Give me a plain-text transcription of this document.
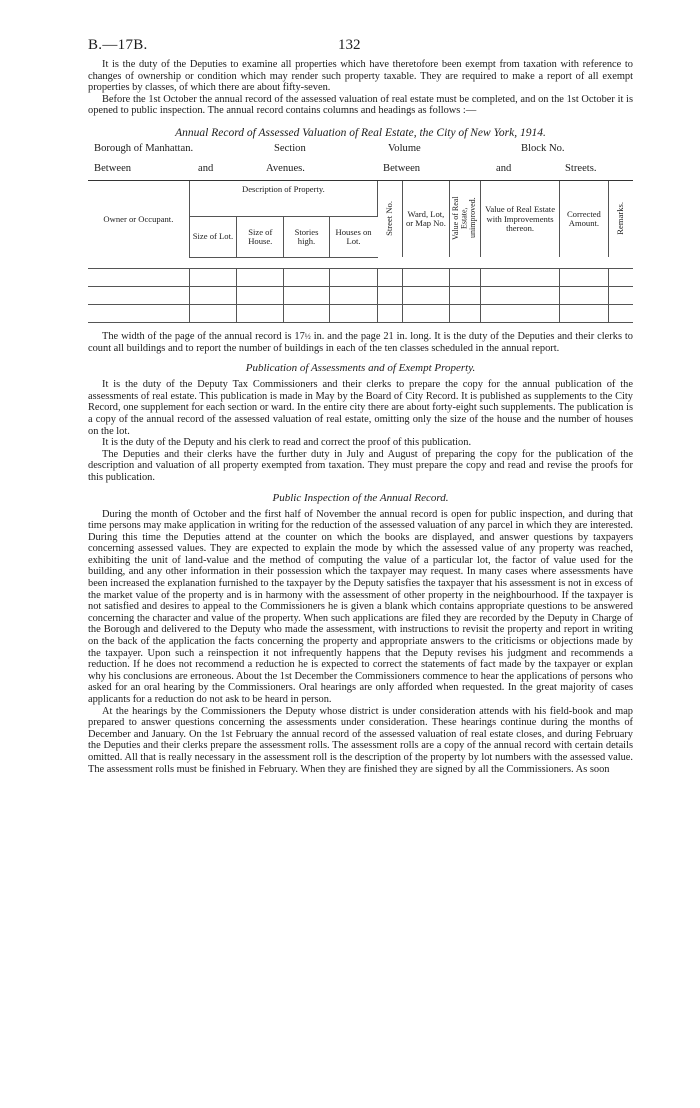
B.—17B.	132

It is the duty of the Deputies to examine all properties which have theretofore been exempt from taxation with reference to changes of ownership or condition which may render such property taxable. They are required to make a report of all exempt properties by classes, of which there are about fifty-seven.

Before the 1st October the annual record of the assessed valuation of real estate must be completed, and on the 1st October it is opened to public inspection. The annual record contains columns and headings as follows :—

Annual Record of Assessed Valuation of Real Estate, the City of New York, 1914.
Borough of Manhattan.	Section	Volume	Block No.
Between	and	Avenues.	Between	and	Streets.
Owner or Occupant.	Description of Property.				Street No.	Ward, Lot, or Map No.	Value of Real Estate, unimproved.	Value of Real Estate with Improvements thereon.	Corrected Amount.	Remarks.
	Size of Lot.	Size of House.	Stories high.	Houses on Lot.						

The width of the page of the annual record is 17½ in. and the page 21 in. long. It is the duty of the Deputies and their clerks to count all buildings and to report the number of buildings in each of the ten classes scheduled in the annual report.

Publication of Assessments and of Exempt Property.

It is the duty of the Deputy Tax Commissioners and their clerks to prepare the copy for the annual publication of the assessments of real estate. This publication is made in May by the Board of City Record. It is published as supplements to the City Record, one supplement for each section or ward. In the entire city there are about forty-eight such supplements. The publication is a copy of the annual record of the assessed valuation of real estate, omitting only the size of the house and the number of houses on the lot.

It is the duty of the Deputy and his clerk to read and correct the proof of this publication.

The Deputies and their clerks have the further duty in July and August of preparing the copy for the publication of the description and valuation of all property exempted from taxation. They must prepare the copy and read and revise the proofs for this publication.

Public Inspection of the Annual Record.

During the month of October and the first half of November the annual record is open for public inspection, and during that time persons may make application in writing for the reduction of the assessed valuation of any parcel in which they are interested. During this time the Deputies attend at the counter on which the books are displayed, and answer questions by taxpayers concerning assessed values. They are expected to explain the mode by which the assessed value of any property was reached, exhibiting the unit of land-value and the method of computing the value of a particular lot, the factor of value used for the building, and any other information in their possession which the taxpayer may request. In many cases where assessments have been increased the explanation furnished to the taxpayer by the Deputy satisfies the taxpayer that his assessment is not in excess of the market value of the property and is in harmony with the assessment of other property in the neighbourhood. If the taxpayer is not satisfied and desires to appeal to the Commissioners he is given a blank which contains appropriate questions to be answered concerning the character and value of the property. When such applications are filed they are recorded by the Deputy in Charge of the Borough and delivered to the Deputy who made the assessment, with instructions to revisit the property and report in writing on the back of the application the facts concerning the property and appropriate answers to the criticisms or objections made by the taxpayer. Upon such a reinspection it not infrequently happens that the Deputy revises his judgment and recommends a reduction. If he does not recommend a reduction he is expected to correct the statements of fact made by the taxpayer or explan why his conclusions are erroneous. About the 1st December the Commissioners commence to hear the applications of persons who asked for an oral hearing by the Commissioners. Oral hearings are only afforded when requested. In the great majority of cases applicants for a reduction do not ask to be heard in person.

At the hearings by the Commissioners the Deputy whose district is under consideration attends with his field-book and map prepared to answer questions concerning the assessments under consideration. These hearings continue during the months of December and January. On the 1st February the annual record of the assessed valuation of real estate closes, and during February the Deputies and their clerks prepare the assessment rolls. The assessment rolls are a copy of the annual record with certain details omitted. All that is really necessary in the assessment roll is the description of the property by lot numbers with the assessed value. The assessment rolls must be finished in February. When they are finished they are signed by all the Commissioners. As soon
